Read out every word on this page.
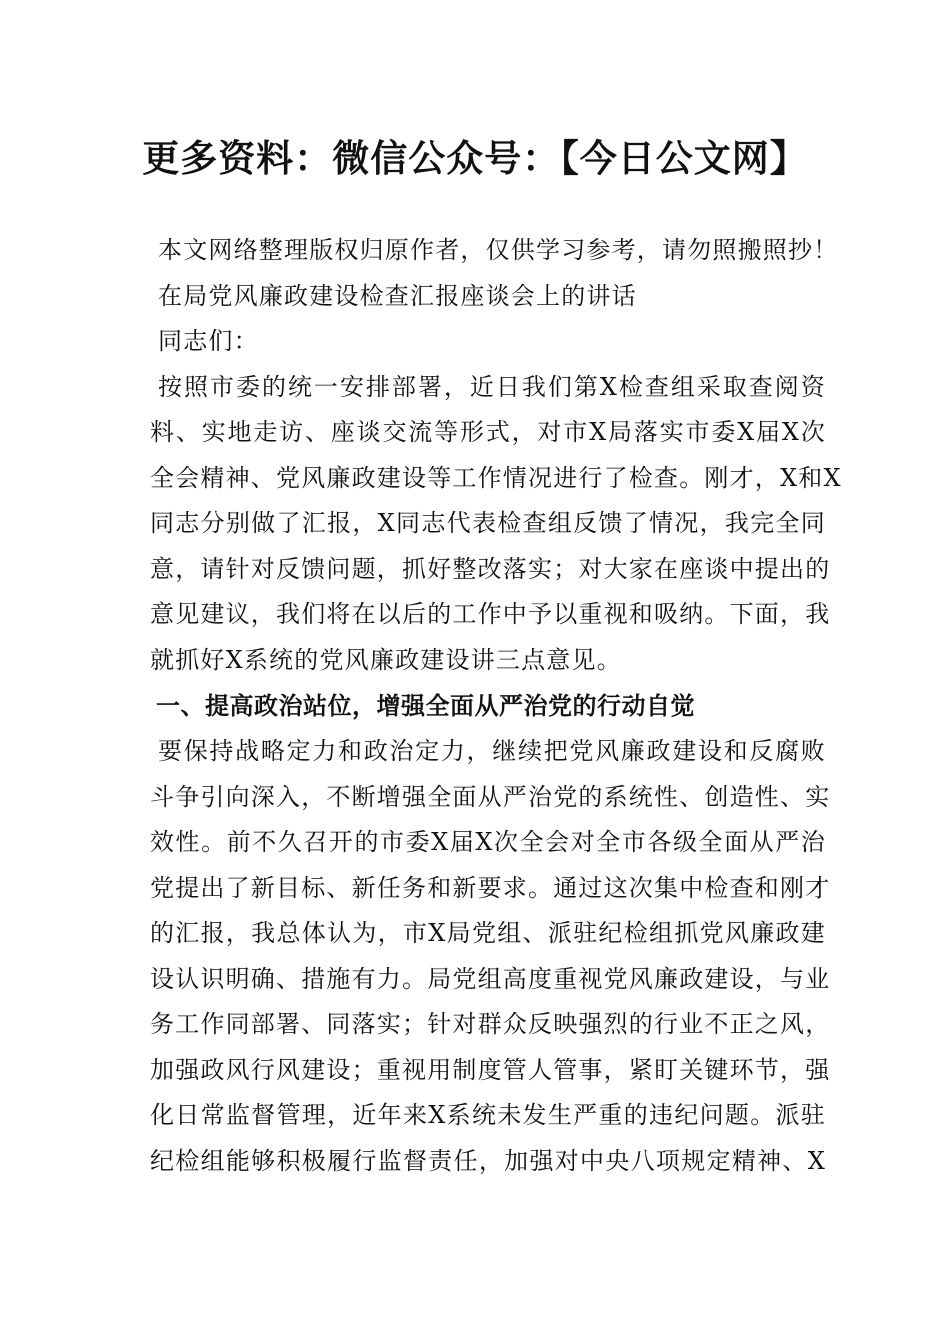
更多资料：微信公众号：【今日公文网】
本文网络整理版权归原作者，仅供学习参考，请勿照搬照抄！
在局党风廉政建设检查汇报座谈会上的讲话
同志们：
按照市委的统一安排部署，近日我们第X检查组采取查阅资
料、实地走访、座谈交流等形式，对市X局落实市委X届X次
全会精神、党风廉政建设等工作情况进行了检查。刚才，X和X
同志分别做了汇报，X同志代表检查组反馈了情况，我完全同
意，请针对反馈问题，抓好整改落实；对大家在座谈中提出的
意见建议，我们将在以后的工作中予以重视和吸纳。下面，我
就抓好X系统的党风廉政建设讲三点意见。
一、提高政治站位，增强全面从严治党的行动自觉
要保持战略定力和政治定力，继续把党风廉政建设和反腐败
斗争引向深入，不断增强全面从严治党的系统性、创造性、实
效性。前不久召开的市委X届X次全会对全市各级全面从严治
党提出了新目标、新任务和新要求。通过这次集中检查和刚才
的汇报，我总体认为，市X局党组、派驻纪检组抓党风廉政建
设认识明确、措施有力。局党组高度重视党风廉政建设，与业
务工作同部署、同落实；针对群众反映强烈的行业不正之风，
加强政风行风建设；重视用制度管人管事，紧盯关键环节，强
化日常监督管理，近年来X系统未发生严重的违纪问题。派驻
纪检组能够积极履行监督责任，加强对中央八项规定精神、X
